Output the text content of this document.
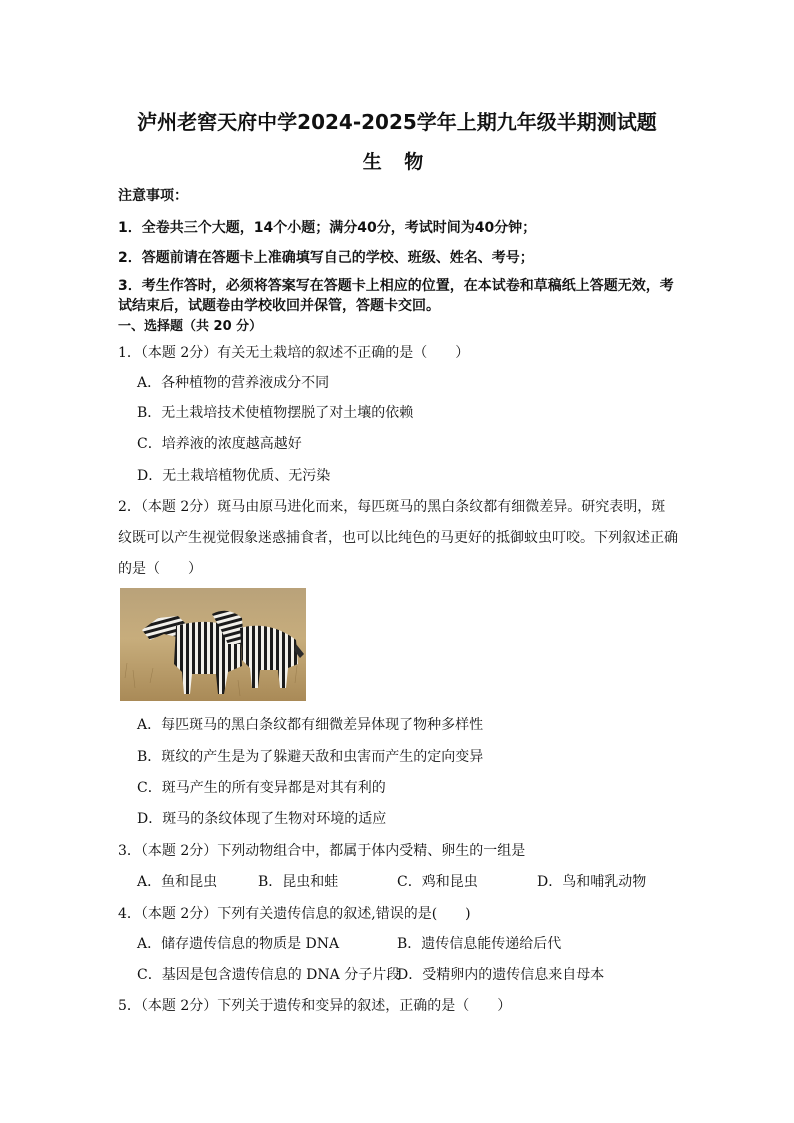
泸州老窖天府中学2024-2025学年上期九年级半期测试题
生 物
注意事项：
1．全卷共三个大题，14个小题；满分40分，考试时间为40分钟；
2．答题前请在答题卡上准确填写自己的学校、班级、姓名、考号；
3．考生作答时，必须将答案写在答题卡上相应的位置，在本试卷和草稿纸上答题无效，考试结束后，试题卷由学校收回并保管，答题卡交回。
一、选择题（共 20 分）
1．（本题 2分）有关无土栽培的叙述不正确的是（　　）
A．各种植物的营养液成分不同
B．无土栽培技术使植物摆脱了对土壤的依赖
C．培养液的浓度越高越好
D．无土栽培植物优质、无污染
2．（本题 2分）斑马由原马进化而来，每匹斑马的黑白条纹都有细微差异。研究表明，斑
纹既可以产生视觉假象迷惑捕食者，也可以比纯色的马更好的抵御蚊虫叮咬。下列叙述正确
的是（　　）
A．每匹斑马的黑白条纹都有细微差异体现了物种多样性
B．斑纹的产生是为了躲避天敌和虫害而产生的定向变异
C．斑马产生的所有变异都是对其有利的
D．斑马的条纹体现了生物对环境的适应
3．（本题 2分）下列动物组合中，都属于体内受精、卵生的一组是
A．鱼和昆虫	B．昆虫和蛙	C．鸡和昆虫	D．鸟和哺乳动物
4．（本题 2分）下列有关遗传信息的叙述,错误的是(　　)
A．储存遗传信息的物质是 DNA	B．遗传信息能传递给后代
C．基因是包含遗传信息的 DNA 分子片段
D．受精卵内的遗传信息来自母本
5．（本题 2分）下列关于遗传和变异的叙述，正确的是（　　）
